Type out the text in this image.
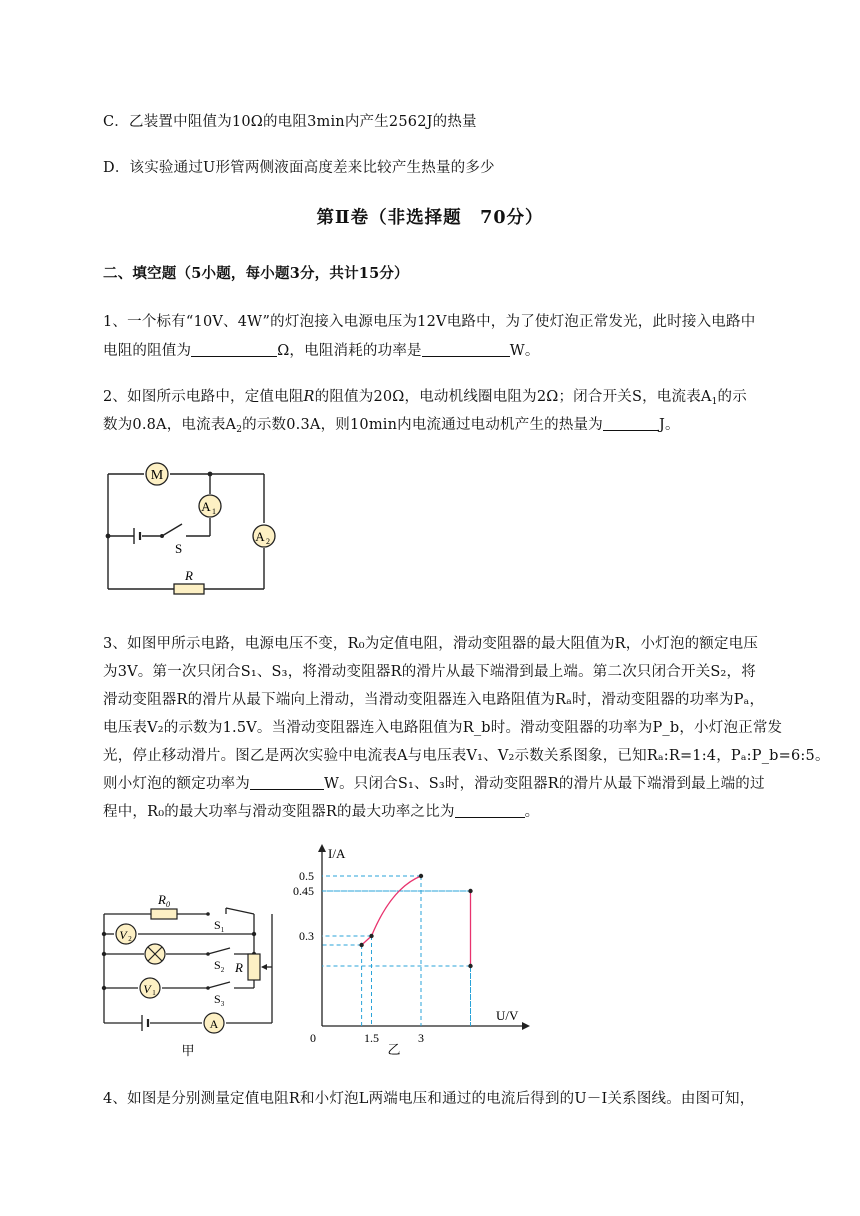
C．乙装置中阻值为10Ω的电阻3min内产生2562J的热量
D．该实验通过U形管两侧液面高度差来比较产生热量的多少
第Ⅱ卷（非选择题　70分）
二、填空题（5小题，每小题3分，共计15分）
1、一个标有“10V、4W”的灯泡接入电源电压为12V电路中，为了使灯泡正常发光，此时接入电路中
电阻的阻值为	Ω，电阻消耗的功率是	W。
2、如图所示电路中，定值电阻R的阻值为20Ω，电动机线圈电阻为2Ω；闭合开关S，电流表$A_1$的示
数为0.8A，电流表$A_2$的示数0.3A，则10min内电流通过电动机产生的热量为	J。
M
A 1
A 2
S
R
3、如图甲所示电路，电源电压不变，R₀为定值电阻，滑动变阻器的最大阻值为R，小灯泡的额定电压
为3V。第一次只闭合S₁、S₃，将滑动变阻器R的滑片从最下端滑到最上端。第二次只闭合开关S₂，将
滑动变阻器R的滑片从最下端向上滑动，当滑动变阻器连入电路阻值为Rₐ时，滑动变阻器的功率为Pₐ，
电压表V₂的示数为1.5V。当滑动变阻器连入电路阻值为R_b时。滑动变阻器的功率为P_b，小灯泡正常发
光，停止移动滑片。图乙是两次实验中电流表A与电压表V₁、V₂示数关系图象，已知Rₐ:R=1:4，Pₐ:P_b=6:5。
则小灯泡的额定功率为	W。只闭合S₁、S₃时，滑动变阻器R的滑片从最下端滑到最上端的过
程中，R₀的最大功率与滑动变阻器R的最大功率之比为	。
$R_0$
R
V 2
V 1
A
$S_1$
$S_2$
$S_3$
甲
1.5	3
0.5
0.45
0.3
I/A
U/V
0
乙
4、如图是分别测量定值电阻R和小灯泡L两端电压和通过的电流后得到的U－I关系图线。由图可知，
